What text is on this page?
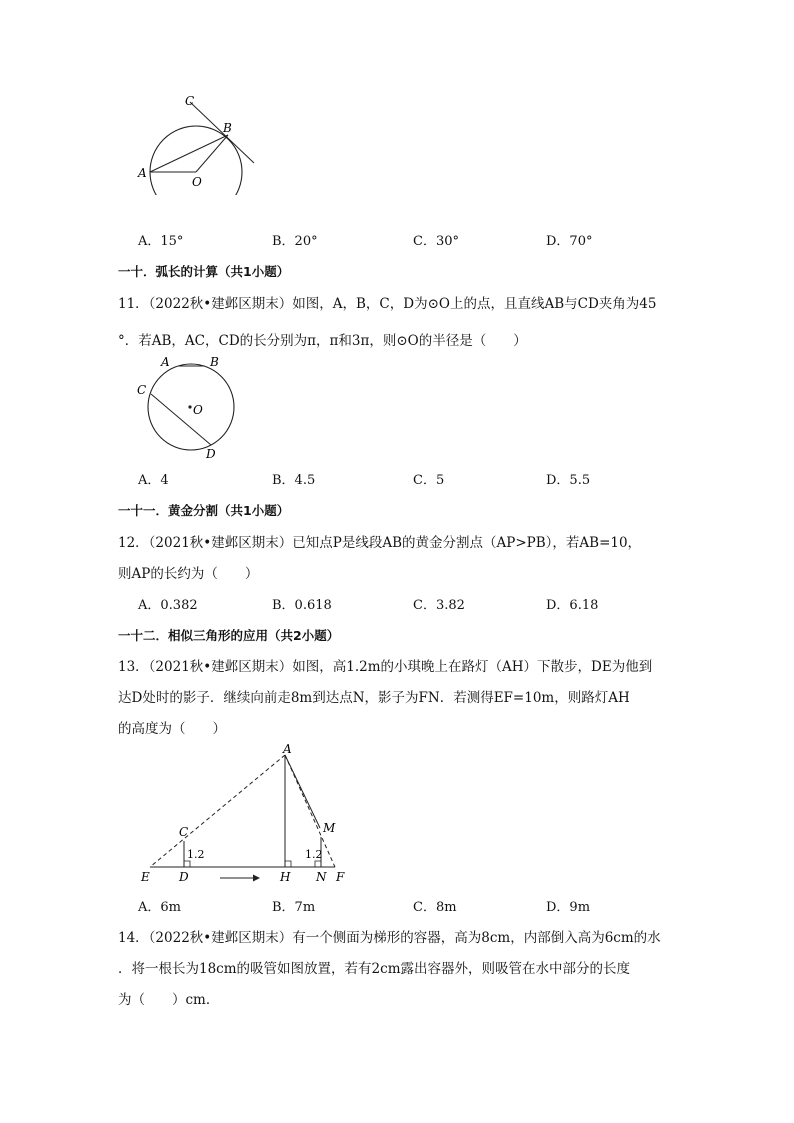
C
B
A
O
A．15°	B．20°	C．30°	D．70°
一十．弧长的计算（共1小题）
11．（2022秋•建邺区期末）如图，A，B，C，D为⊙O上的点，且直线AB与CD夹角为45
°．若AB，AC，CD的长分别为π，π和3π，则⊙O的半径是（　　）
A	B
C
O
D
A．4	B．4.5	C．5	D．5.5
一十一．黄金分割（共1小题）
12．（2021秋•建邺区期末）已知点P是线段AB的黄金分割点（AP>PB），若AB=10，
则AP的长约为（　　）
A．0.382	B．0.618	C．3.82	D．6.18
一十二．相似三角形的应用（共2小题）
13．（2021秋•建邺区期末）如图，高1.2m的小琪晚上在路灯（AH）下散步，DE为他到
达D处时的影子．继续向前走8m到达点N，影子为FN．若测得EF=10m，则路灯AH
的高度为（　　）
A
C	M
E D	H N F
1.2	1.2
A．6m	B．7m	C．8m	D．9m
14．（2022秋•建邺区期末）有一个侧面为梯形的容器，高为8cm，内部倒入高为6cm的水
．将一根长为18cm的吸管如图放置，若有2cm露出容器外，则吸管在水中部分的长度
为（　　）cm．
